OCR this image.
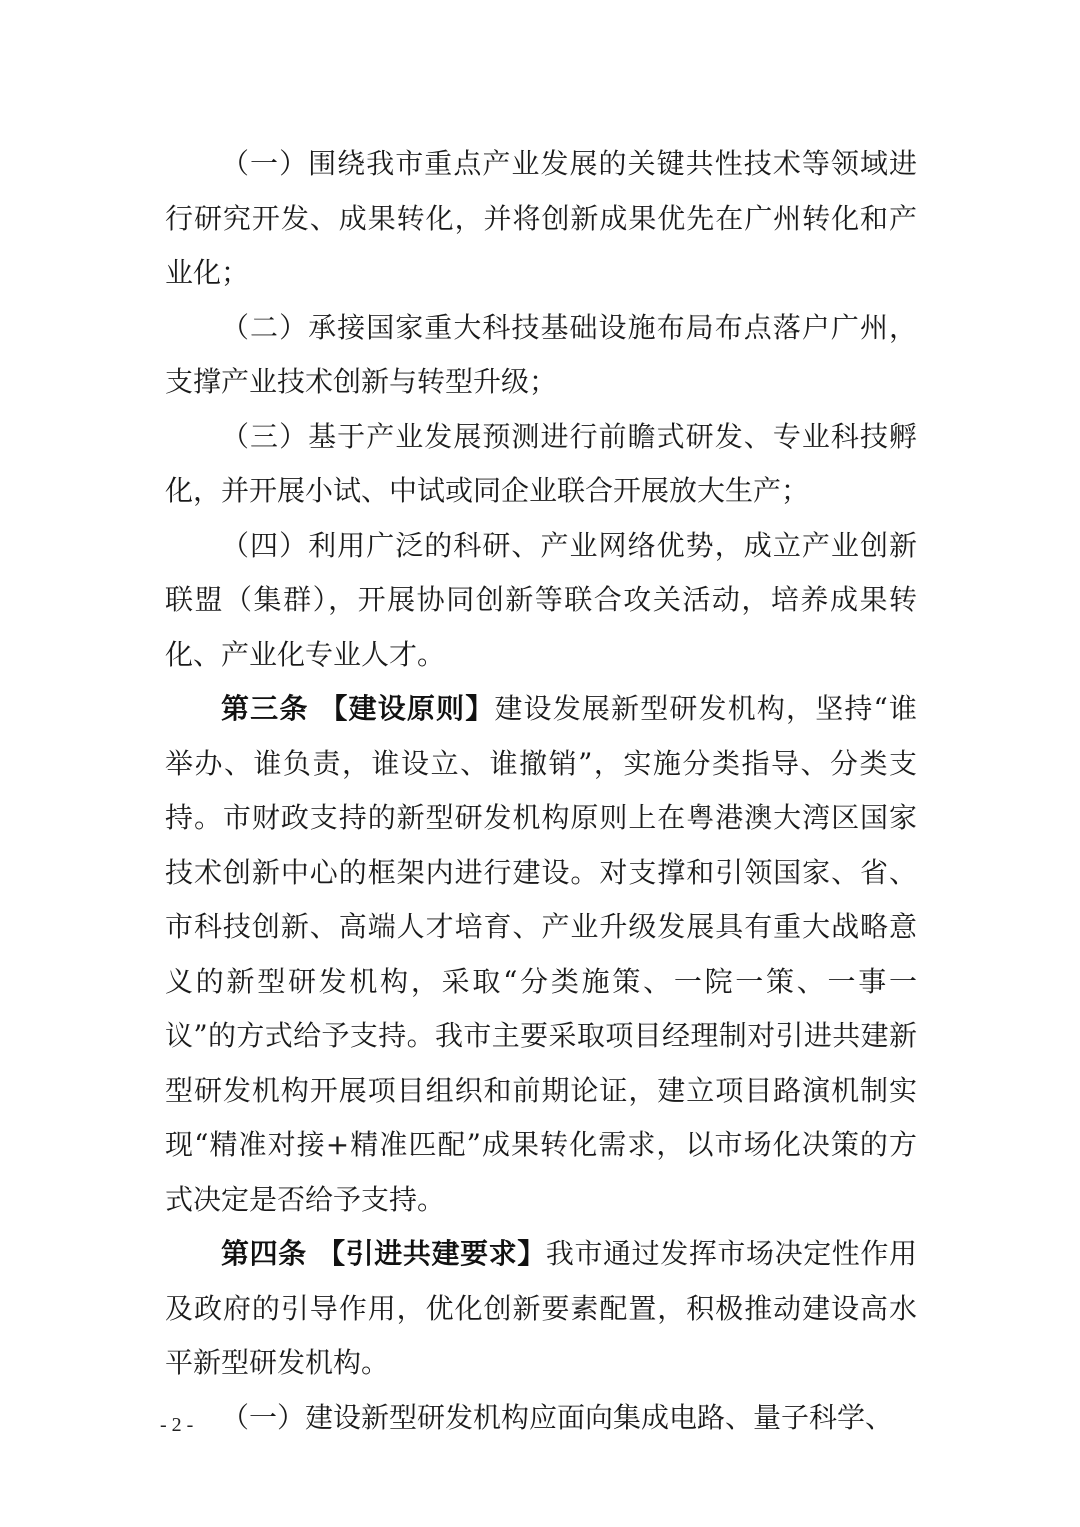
（一）围绕我市重点产业发展的关键共性技术等领域进行研究开发、成果转化，并将创新成果优先在广州转化和产业化；

（二）承接国家重大科技基础设施布局布点落户广州，支撑产业技术创新与转型升级；

（三）基于产业发展预测进行前瞻式研发、专业科技孵化，并开展小试、中试或同企业联合开展放大生产；

（四）利用广泛的科研、产业网络优势，成立产业创新联盟（集群），开展协同创新等联合攻关活动，培养成果转化、产业化专业人才。

第三条 【建设原则】建设发展新型研发机构，坚持“谁举办、谁负责，谁设立、谁撤销”，实施分类指导、分类支持。市财政支持的新型研发机构原则上在粤港澳大湾区国家技术创新中心的框架内进行建设。对支撑和引领国家、省、市科技创新、高端人才培育、产业升级发展具有重大战略意义的新型研发机构，采取“分类施策、一院一策、一事一议”的方式给予支持。我市主要采取项目经理制对引进共建新型研发机构开展项目组织和前期论证，建立项目路演机制实现“精准对接+精准匹配”成果转化需求，以市场化决策的方式决定是否给予支持。

第四条 【引进共建要求】我市通过发挥市场决定性作用及政府的引导作用，优化创新要素配置，积极推动建设高水平新型研发机构。

（一）建设新型研发机构应面向集成电路、量子科学、

- 2 -
